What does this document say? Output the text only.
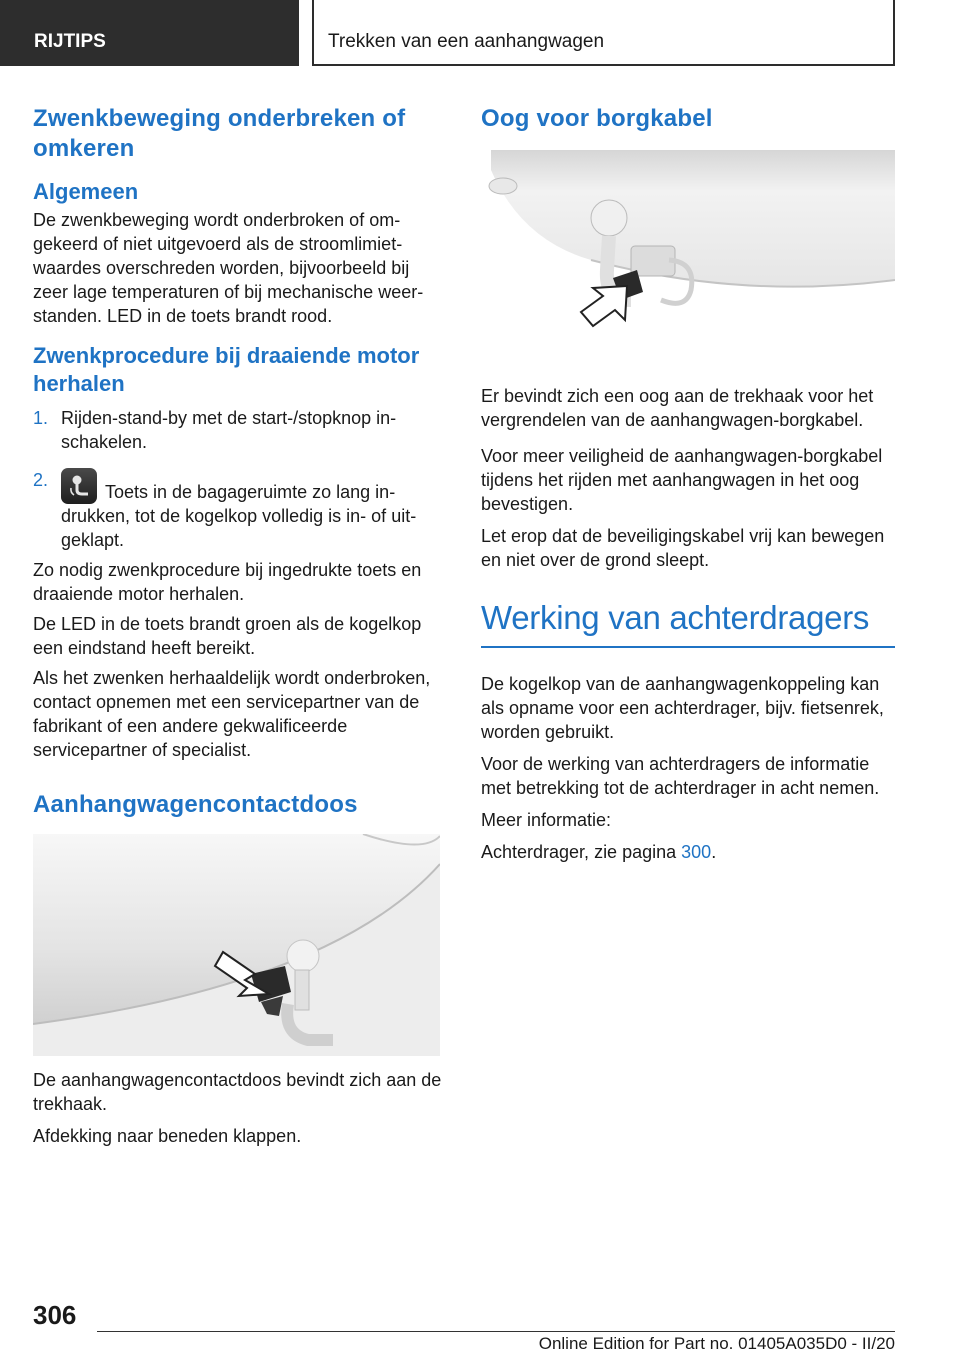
RIJTIPS	Trekken van een aanhangwagen
Zwenkbeweging onderbreken of omkeren
Algemeen

De zwenkbeweging wordt onderbroken of omgekeerd of niet uitgevoerd als de stroomlimietwaardes overschreden worden, bijvoorbeeld bij zeer lage temperaturen of bij mechanische weerstanden. LED in de toets brandt rood.

Zwenkprocedure bij draaiende motor herhalen
1. Rijden-stand-by met de start-/stopknop inschakelen.
2.
Toets in de bagageruimte zo lang indrukken, tot de kogelkop volledig is in- of uitgeklapt.

Zo nodig zwenkprocedure bij ingedrukte toets en draaiende motor herhalen.

De LED in de toets brandt groen als de kogelkop een eindstand heeft bereikt.

Als het zwenken herhaaldelijk wordt onderbroken, contact opnemen met een servicepartner van de fabrikant of een andere gekwalificeerde servicepartner of specialist.

Aanhangwagencontactdoos

De aanhangwagencontactdoos bevindt zich aan de trekhaak.

Afdekking naar beneden klappen.

Oog voor borgkabel

Er bevindt zich een oog aan de trekhaak voor het vergrendelen van de aanhangwagen-borgkabel.

Voor meer veiligheid de aanhangwagen-borgkabel tijdens het rijden met aanhangwagen in het oog bevestigen.

Let erop dat de beveiligingskabel vrij kan bewegen en niet over de grond sleept.

Werking van achterdragers

De kogelkop van de aanhangwagenkoppeling kan als opname voor een achterdrager, bijv. fietsenrek, worden gebruikt.

Voor de werking van achterdragers de informatie met betrekking tot de achterdrager in acht nemen.

Meer informatie:

Achterdrager, zie pagina 300.

306
Online Edition for Part no. 01405A035D0 - II/20
